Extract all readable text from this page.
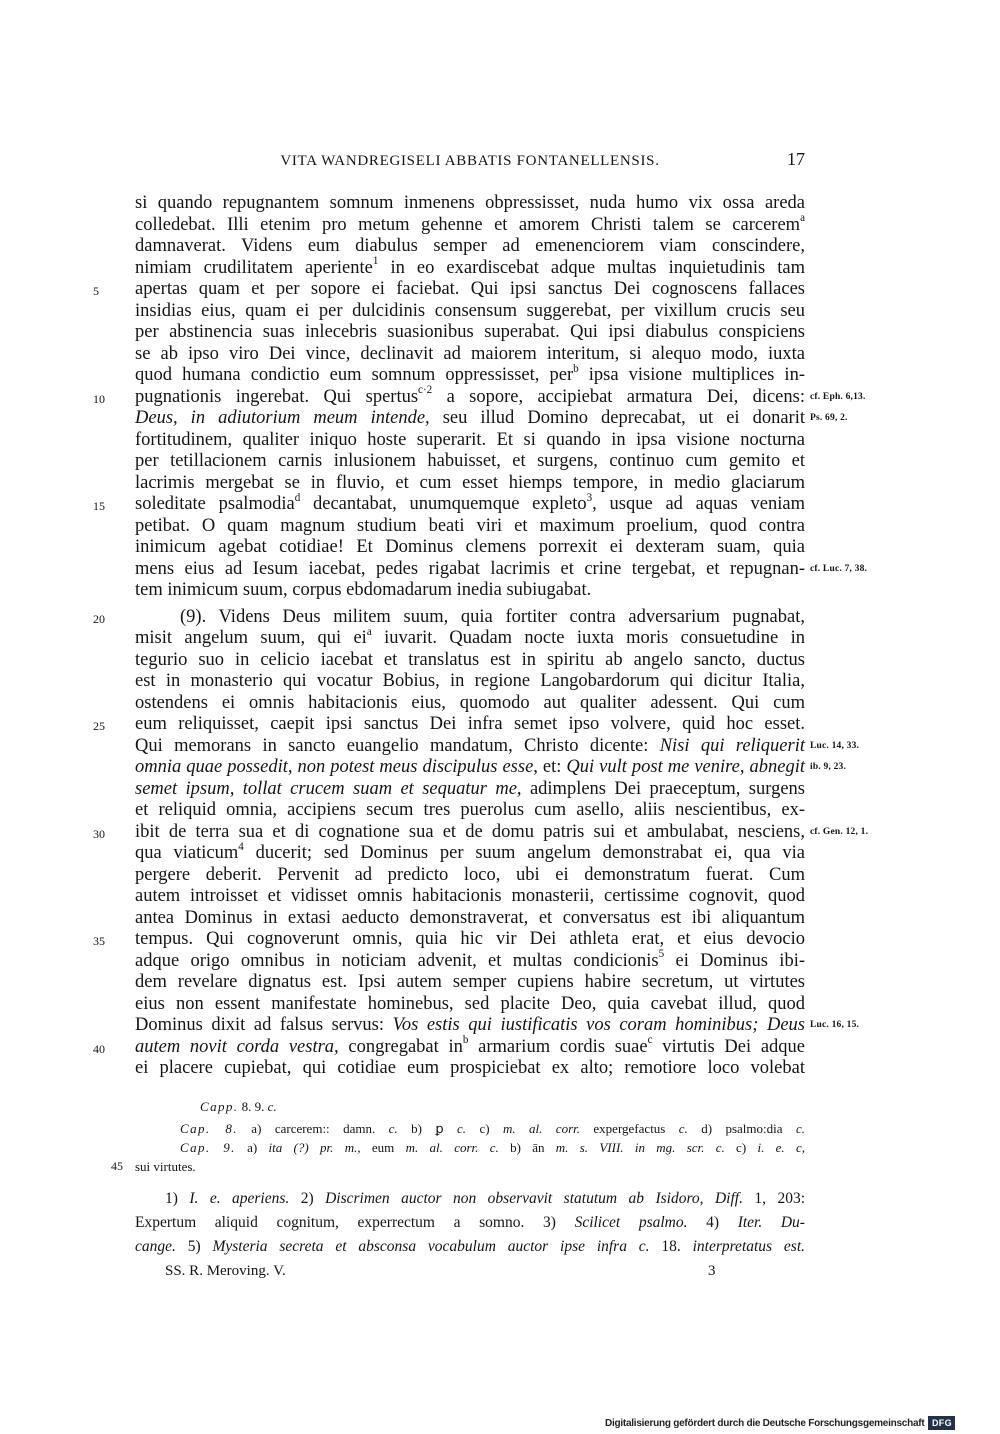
VITA WANDREGISELI ABBATIS FONTANELLENSIS.	17
si quando repugnantem somnum inmenens obpressisset, nuda humo vix ossa areda
colledebat. Illi etenim pro metum gehenne et amorem Christi talem se carcerem$^a$
damnaverat. Videns eum diabulus semper ad emenenciorem viam conscindere,
nimiam crudilitatem aperiente$^1$ in eo exardiscebat adque multas inquietudinis tam
5	apertas quam et per sopore ei faciebat. Qui ipsi sanctus Dei cognoscens fallaces
insidias eius, quam ei per dulcidinis consensum suggerebat, per vixillum crucis seu
per abstinencia suas inlecebris suasionibus superabat. Qui ipsi diabulus conspiciens
se ab ipso viro Dei vince, declinavit ad maiorem interitum, si alequo modo, iuxta
quod humana condictio eum somnum oppressisset, per$^b$ ipsa visione multiplices in-
10	pugnationis ingerebat. Qui spertus$^{c\cdot 2}$ a sopore, accipiebat armatura Dei, dicens: cf. Eph. 6,13.
Deus, in adiutorium meum intende, seu illud Domino deprecabat, ut ei donarit Ps. 69, 2.
fortitudinem, qualiter iniquo hoste superarit. Et si quando in ipsa visione nocturna
per tetillacionem carnis inlusionem habuisset, et surgens, continuo cum gemito et
lacrimis mergebat se in fluvio, et cum esset hiemps tempore, in medio glaciarum
15	soleditate psalmodia$^d$ decantabat, unumquemque expleto$^3$, usque ad aquas veniam
petibat. O quam magnum studium beati viri et maximum proelium, quod contra
inimicum agebat cotidiae! Et Dominus clemens porrexit ei dexteram suam, quia
mens eius ad Iesum iacebat, pedes rigabat lacrimis et crine tergebat, et repugnan- cf. Luc. 7, 38.
tem inimicum suum, corpus ebdomadarum inedia subiugabat.
20	(9). Videns Deus militem suum, quia fortiter contra adversarium pugnabat,
misit angelum suum, qui $ei^a$ iuvarit. Quadam nocte iuxta moris consuetudine in
tegurio suo in celicio iacebat et translatus est in spiritu ab angelo sancto, ductus
est in monasterio qui vocatur Bobius, in regione Langobardorum qui dicitur Italia,
ostendens ei omnis habitacionis eius, quomodo aut qualiter adessent. Qui cum
25	eum reliquisset, caepit ipsi sanctus Dei infra semet ipso volvere, quid hoc esset.
Qui memorans in sancto euangelio mandatum, Christo dicente: Nisi qui reliquerit Luc. 14, 33.
omnia quae possedit, non potest meus discipulus esse, et: Qui vult post me venire, abnegit ib. 9, 23.
semet ipsum, tollat crucem suam et sequatur me, adimplens Dei praeceptum, surgens
et reliquid omnia, accipiens secum tres puerolus cum asello, aliis nescientibus, ex-
30	ibit de terra sua et di cognatione sua et de domu patris sui et ambulabat, nesciens, cf. Gen. 12, 1.
qua viaticum$^4$ ducerit; sed Dominus per suum angelum demonstrabat ei, qua via
pergere deberit. Pervenit ad predicto loco, ubi ei demonstratum fuerat. Cum
autem introisset et vidisset omnis habitacionis monasterii, certissime cognovit, quod
antea Dominus in extasi aeducto demonstraverat, et conversatus est ibi aliquantum
35	tempus. Qui cognoverunt omnis, quia hic vir Dei athleta erat, et eius devocio
adque origo omnibus in noticiam advenit, et multas condicionis$^5$ ei Dominus ibi-
dem revelare dignatus est. Ipsi autem semper cupiens habire secretum, ut virtutes
eius non essent manifestate hominebus, sed placite Deo, quia cavebat illud, quod
Dominus dixit ad falsus servus: Vos estis qui iustificatis vos coram hominibus; Deus Luc. 16, 15.
40	autem novit corda vestra, congregabat $in^b$ armarium cordis suae$^c$ virtutis Dei adque
ei placere cupiebat, qui cotidiae eum prospiciebat ex alto; remotiore loco volebat
Capp. 8. 9. c.
Cap. 8. a) carcerem:: damn. c. b) ꝑ c. c) m. al. corr. expergefactus c. d) psalmo:dia c.
Cap. 9. a) ita (?) pr. m., eum m. al. corr. c. b) ān m. s. VIII. in mg. scr. c. c) i. e. c,
45 sui virtutes.
1) I. e. aperiens. 2) Discrimen auctor non observavit statutum ab Isidoro, Diff. 1, 203:
Expertum aliquid cognitum, experrectum a somno. 3) Scilicet psalmo. 4) Iter. Du-
cange. 5) Mysteria secreta et absconsa vocabulum auctor ipse infra c. 18. interpretatus est.
SS. R. Meroving. V.	3
Digitalisierung gefördert durch die Deutsche Forschungsgemeinschaft DFG
